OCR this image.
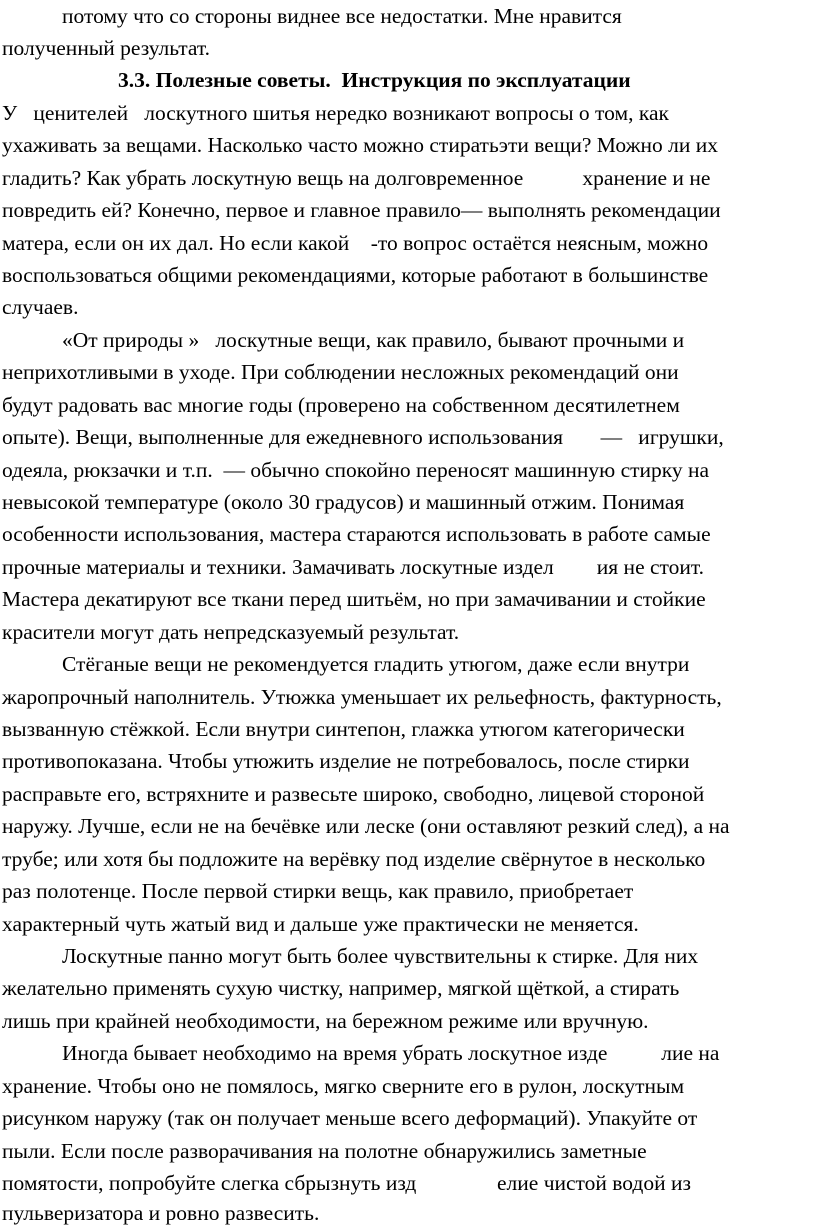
потому что со стороны виднее все недостатки. Мне нравится
полученный результат.
3.3. Полезные советы.  Инструкция по эксплуатации
У   ценителей   лоскутного шитья нередко возникают вопросы о том, как
ухаживать за вещами. Насколько часто можно стиратьэти вещи? Можно ли их
гладить? Как убрать лоскутную вещь на долговременное           хранение и не
повредить ей? Конечно, первое и главное правило— выполнять рекомендации
матера, если он их дал. Но если какой    -то вопрос остаётся неясным, можно
воспользоваться общими рекомендациями, которые работают в большинстве
случаев.
«От природы »   лоскутные вещи, как правило, бывают прочными и
неприхотливыми в уходе. При соблюдении несложных рекомендаций они
будут радовать вас многие годы (проверено на собственном десятилетнем
опыте). Вещи, выполненные для ежедневного использования       —   игрушки,
одеяла, рюкзачки и т.п.  — обычно спокойно переносят машинную стирку на
невысокой температуре (около 30 градусов) и машинный отжим. Понимая
особенности использования, мастера стараются использовать в работе самые
прочные материалы и техники. Замачивать лоскутные издел        ия не стоит.
Мастера декатируют все ткани перед шитьём, но при замачивании и стойкие
красители могут дать непредсказуемый результат.
Стёганые вещи не рекомендуется гладить утюгом, даже если внутри
жаропрочный наполнитель. Утюжка уменьшает их рельефность, фактурность,
вызванную стёжкой. Если внутри синтепон, глажка утюгом категорически
противопоказана. Чтобы утюжить изделие не потребовалось, после стирки
расправьте его, встряхните и развесьте широко, свободно, лицевой стороной
наружу. Лучше, если не на бечёвке или леске (они оставляют резкий след), а на
трубе; или хотя бы подложите на верёвку под изделие свёрнутое в несколько
раз полотенце. После первой стирки вещь, как правило, приобретает
характерный чуть жатый вид и дальше уже практически не меняется.
Лоскутные панно могут быть более чувствительны к стирке. Для них
желательно применять сухую чистку, например, мягкой щёткой, а стирать
лишь при крайней необходимости, на бережном режиме или вручную.
Иногда бывает необходимо на время убрать лоскутное изде          лие на
хранение. Чтобы оно не помялось, мягко сверните его в рулон, лоскутным
рисунком наружу (так он получает меньше всего деформаций). Упакуйте от
пыли. Если после разворачивания на полотне обнаружились заметные
помятости, попробуйте слегка сбрызнуть изд               елие чистой водой из
пульверизатора и ровно развесить.
